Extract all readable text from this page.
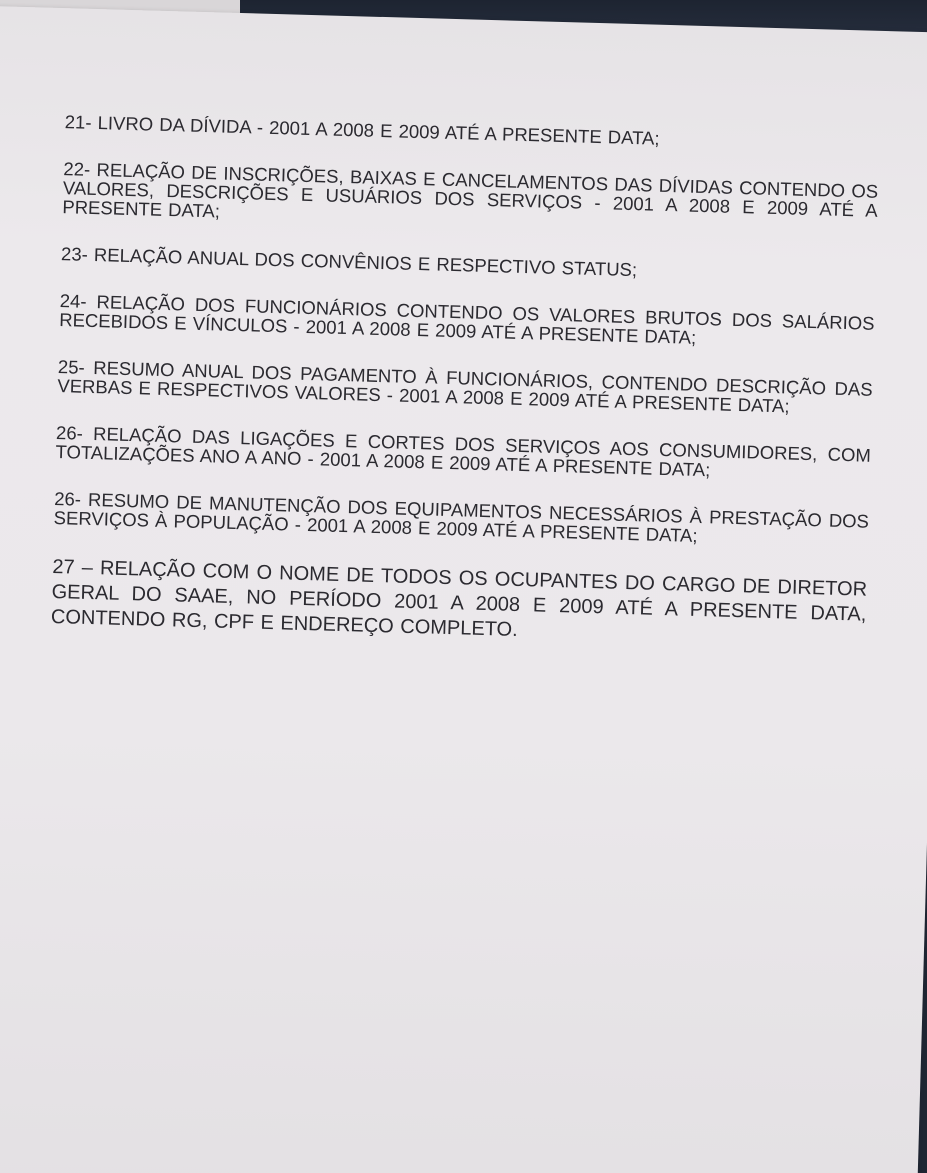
21- LIVRO DA DÍVIDA - 2001 A 2008 E 2009 ATÉ A PRESENTE DATA;

22- RELAÇÃO DE INSCRIÇÕES, BAIXAS E CANCELAMENTOS DAS DÍVIDAS CONTENDO OS VALORES, DESCRIÇÕES E USUÁRIOS DOS SERVIÇOS - 2001 A 2008 E 2009 ATÉ A PRESENTE DATA;

23- RELAÇÃO ANUAL DOS CONVÊNIOS E RESPECTIVO STATUS;

24- RELAÇÃO DOS FUNCIONÁRIOS CONTENDO OS VALORES BRUTOS DOS SALÁRIOS RECEBIDOS E VÍNCULOS - 2001 A 2008 E 2009 ATÉ A PRESENTE DATA;

25- RESUMO ANUAL DOS PAGAMENTO À FUNCIONÁRIOS, CONTENDO DESCRIÇÃO DAS VERBAS E RESPECTIVOS VALORES - 2001 A 2008 E 2009 ATÉ A PRESENTE DATA;

26- RELAÇÃO DAS LIGAÇÕES E CORTES DOS SERVIÇOS AOS CONSUMIDORES, COM TOTALIZAÇÕES ANO A ANO - 2001 A 2008 E 2009 ATÉ A PRESENTE DATA;

26- RESUMO DE MANUTENÇÃO DOS EQUIPAMENTOS NECESSÁRIOS À PRESTAÇÃO DOS SERVIÇOS À POPULAÇÃO - 2001 A 2008 E 2009 ATÉ A PRESENTE DATA;

27 – RELAÇÃO COM O NOME DE TODOS OS OCUPANTES DO CARGO DE DIRETOR GERAL DO SAAE, NO PERÍODO 2001 A 2008 E 2009 ATÉ A PRESENTE DATA, CONTENDO RG, CPF E ENDEREÇO COMPLETO.
